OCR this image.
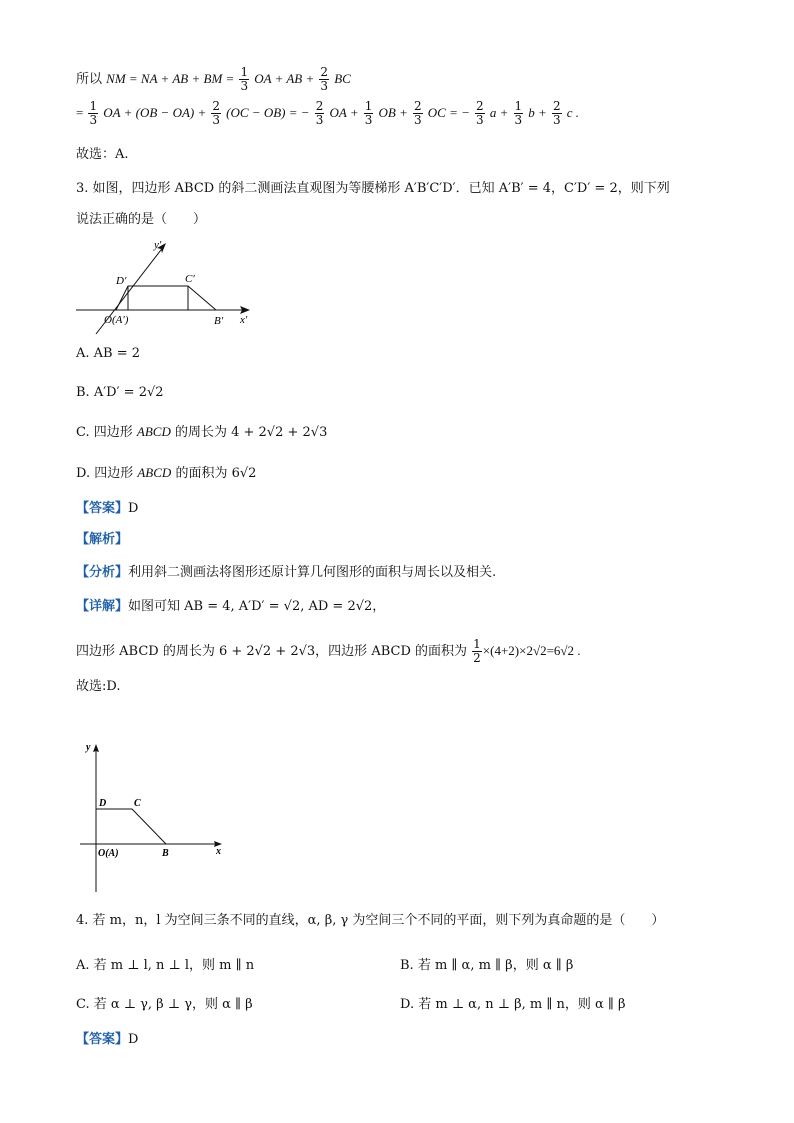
所以 NM = NA + AB + BM = $\frac{1}{3}$ OA + AB + $\frac{2}{3}$ BC
= $\frac{1}{3}$ OA + $(OB - OA) + \frac{2}{3} (OC - OB)$ = − $\frac{2}{3}$ OA + $\frac{1}{3}$ OB + $\frac{2}{3}$ OC = − $\frac{2}{3}$ $a + \frac{1}{3}$ $b + \frac{2}{3}$ c .
故选：A.
3. 如图，四边形 ABCD 的斜二测画法直观图为等腰梯形 A′B′C′D′．已知 A′B′ = 4，C′D′ = 2，则下列
说法正确的是（　　）
y′
D′	C′
O(A′)	B′ x′
A. AB = 2
B. A′D′ = 2√2
C. 四边形 ABCD 的周长为 4 + 2√2 + 2√3
D. 四边形 ABCD 的面积为 6√2
【答案】D
【解析】
【分析】利用斜二测画法将图形还原计算几何图形的面积与周长以及相关.
【详解】如图可知 AB = 4, A′D′ = √2, AD = 2√2，
四边形 ABCD 的周长为 6 + 2√2 + 2√3，四边形 ABCD 的面积为 $\frac{1}{2} \times(4+2)\times 2√2=6√2$ .
故选:D.
y
D	C
O(A)	B	x
4. 若 m，n，l 为空间三条不同的直线，α, β, γ 为空间三个不同的平面，则下列为真命题的是（　　）
A. 若 m ⊥ l, n ⊥ l，则 m ∥ n	B. 若 m ∥ α, m ∥ β，则 α ∥ β
C. 若 α ⊥ γ, β ⊥ γ，则 α ∥ β	D. 若 m ⊥ α, n ⊥ β, m ∥ n，则 α ∥ β
【答案】D
